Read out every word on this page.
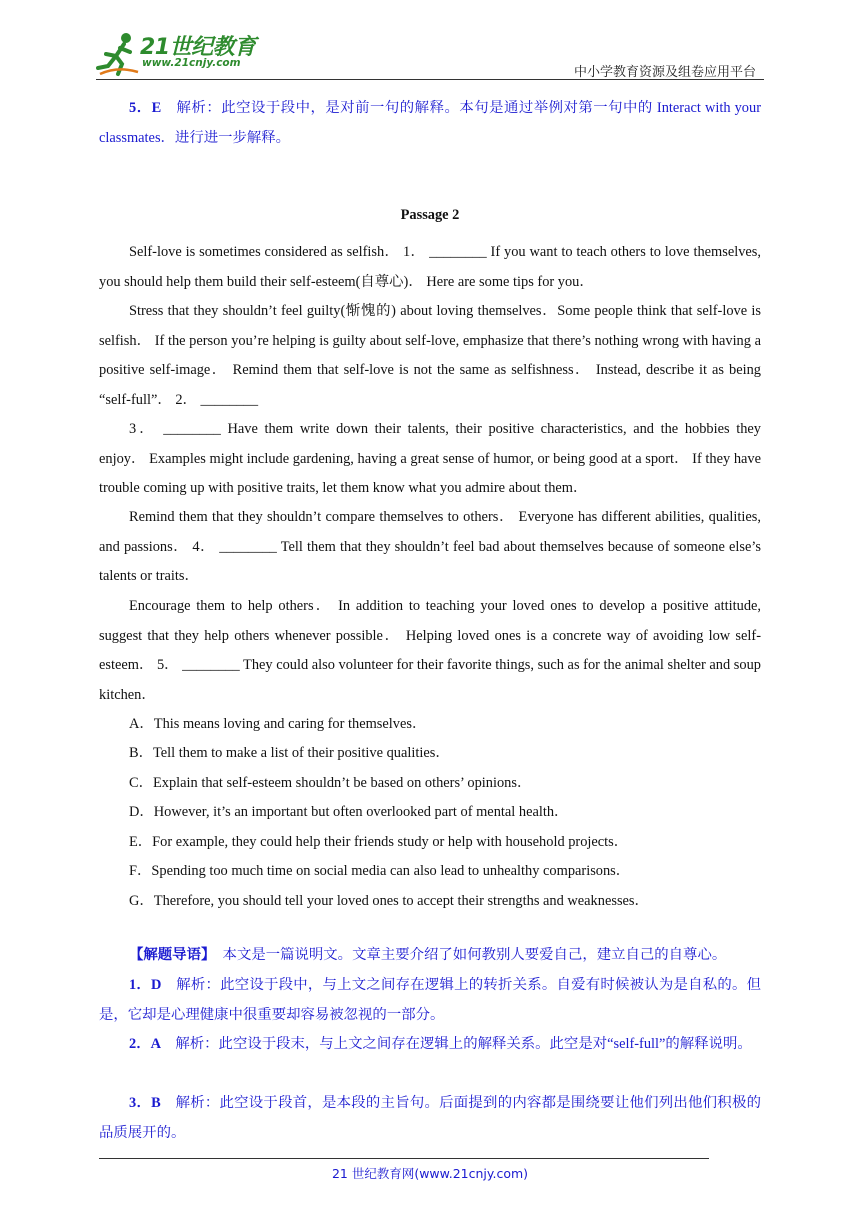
21世纪教育
www.21cnjy.com
中小学教育资源及组卷应用平台

5．E　解析：此空设于段中，是对前一句的解释。本句是通过举例对第一句中的 Interact with your classmates．进行进一步解释。

Passage 2

Self-love is sometimes considered as selfish． 1． ________ If you want to teach others to love themselves, you should help them build their self-esteem(自尊心)． Here are some tips for you．

Stress that they shouldn’t feel guilty(惭愧的) about loving themselves．Some people think that self-love is selfish． If the person you’re helping is guilty about self-love, emphasize that there’s nothing wrong with having a positive self-image． Remind them that self-love is not the same as selfishness． Instead, describe it as being “self-full”． 2． ________

3． ________ Have them write down their talents, their positive characteristics, and the hobbies they enjoy． Examples might include gardening, having a great sense of humor, or being good at a sport． If they have trouble coming up with positive traits, let them know what you admire about them．

Remind them that they shouldn’t compare themselves to others． Everyone has different abilities, qualities, and passions． 4． ________ Tell them that they shouldn’t feel bad about themselves because of someone else’s talents or traits．

Encourage them to help others． In addition to teaching your loved ones to develop a positive attitude, suggest that they help others whenever possible． Helping loved ones is a concrete way of avoiding low self-esteem． 5． ________ They could also volunteer for their favorite things, such as for the animal shelter and soup kitchen．

A．This means loving and caring for themselves．

B．Tell them to make a list of their positive qualities．

C．Explain that self-esteem shouldn’t be based on others’ opinions．

D．However, it’s an important but often overlooked part of mental health．

E．For example, they could help their friends study or help with household projects．

F．Spending too much time on social media can also lead to unhealthy comparisons．

G．Therefore, you should tell your loved ones to accept their strengths and weaknesses．

【解题导语】　本文是一篇说明文。文章主要介绍了如何教别人要爱自己，建立自己的自尊心。

1．D　解析：此空设于段中，与上文之间存在逻辑上的转折关系。自爱有时候被认为是自私的。但是，它却是心理健康中很重要却容易被忽视的一部分。

2．A　解析：此空设于段末，与上文之间存在逻辑上的解释关系。此空是对“self-full”的解释说明。

3．B　解析：此空设于段首，是本段的主旨句。后面提到的内容都是围绕要让他们列出他们积极的品质展开的。

21 世纪教育网(www.21cnjy.com)
